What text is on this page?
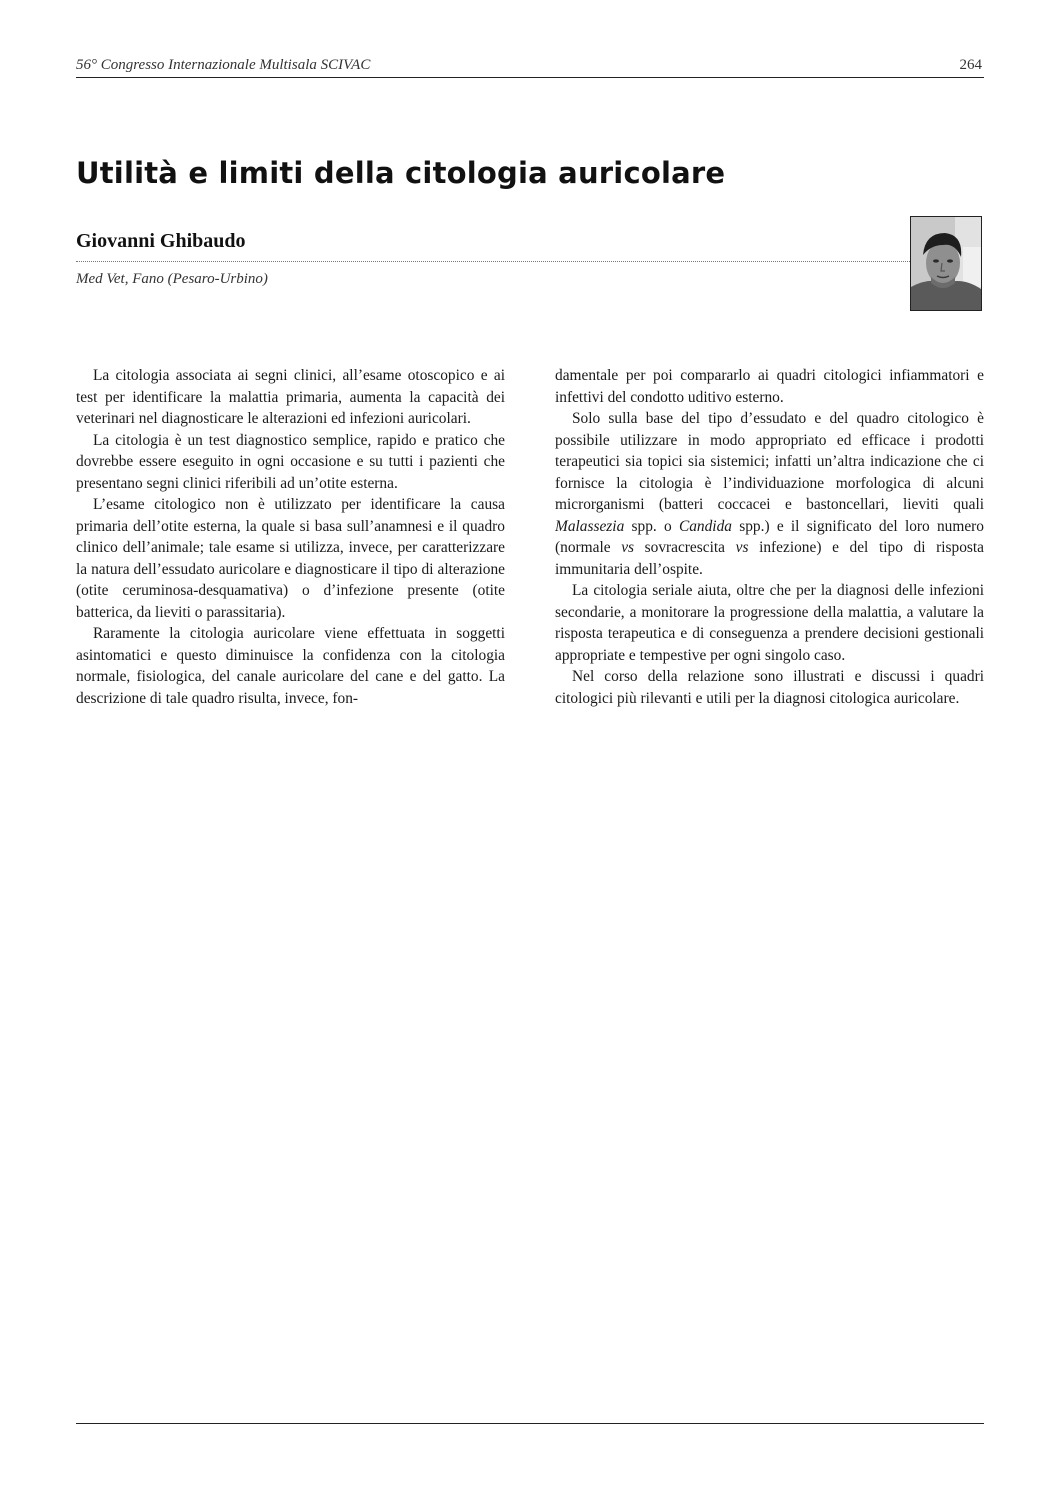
56° Congresso Internazionale Multisala SCIVAC	264
Utilità e limiti della citologia auricolare
Giovanni Ghibaudo
Med Vet, Fano (Pesaro-Urbino)

La citologia associata ai segni clinici, all’esame otoscopico e ai test per identificare la malattia primaria, aumenta la capacità dei veterinari nel diagnosticare le alterazioni ed infezioni auricolari.

La citologia è un test diagnostico semplice, rapido e pratico che dovrebbe essere eseguito in ogni occasione e su tutti i pazienti che presentano segni clinici riferibili ad un’otite esterna.

L’esame citologico non è utilizzato per identificare la causa primaria dell’otite esterna, la quale si basa sull’anamnesi e il quadro clinico dell’animale; tale esame si utilizza, invece, per caratterizzare la natura dell’essudato auricolare e diagnosticare il tipo di alterazione (otite ceruminosa-desquamativa) o d’infezione presente (otite batterica, da lieviti o parassitaria).

Raramente la citologia auricolare viene effettuata in soggetti asintomatici e questo diminuisce la confidenza con la citologia normale, fisiologica, del canale auricolare del cane e del gatto. La descrizione di tale quadro risulta, invece, fon-

damentale per poi compararlo ai quadri citologici infiammatori e infettivi del condotto uditivo esterno.

Solo sulla base del tipo d’essudato e del quadro citologico è possibile utilizzare in modo appropriato ed efficace i prodotti terapeutici sia topici sia sistemici; infatti un’altra indicazione che ci fornisce la citologia è l’individuazione morfologica di alcuni microrganismi (batteri coccacei e bastoncellari, lieviti quali Malassezia spp. o Candida spp.) e il significato del loro numero (normale vs sovracrescita vs infezione) e del tipo di risposta immunitaria dell’ospite.

La citologia seriale aiuta, oltre che per la diagnosi delle infezioni secondarie, a monitorare la progressione della malattia, a valutare la risposta terapeutica e di conseguenza a prendere decisioni gestionali appropriate e tempestive per ogni singolo caso.

Nel corso della relazione sono illustrati e discussi i quadri citologici più rilevanti e utili per la diagnosi citologica auricolare.
